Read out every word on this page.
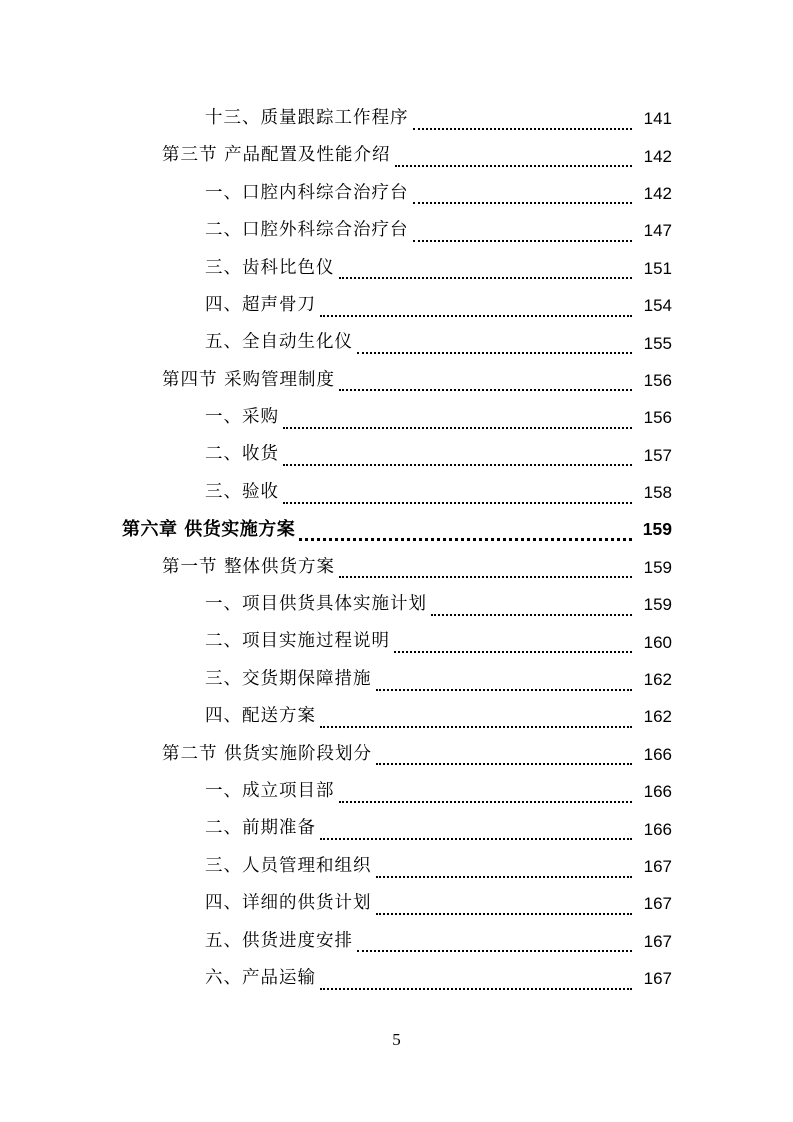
十三、质量跟踪工作程序	141
第三节 产品配置及性能介绍	142
一、口腔内科综合治疗台	142
二、口腔外科综合治疗台	147
三、齿科比色仪	151
四、超声骨刀	154
五、全自动生化仪	155
第四节 采购管理制度	156
一、采购	156
二、收货	157
三、验收	158
第六章 供货实施方案	159
第一节 整体供货方案	159
一、项目供货具体实施计划	159
二、项目实施过程说明	160
三、交货期保障措施	162
四、配送方案	162
第二节 供货实施阶段划分	166
一、成立项目部	166
二、前期准备	166
三、人员管理和组织	167
四、详细的供货计划	167
五、供货进度安排	167
六、产品运输	167
5
